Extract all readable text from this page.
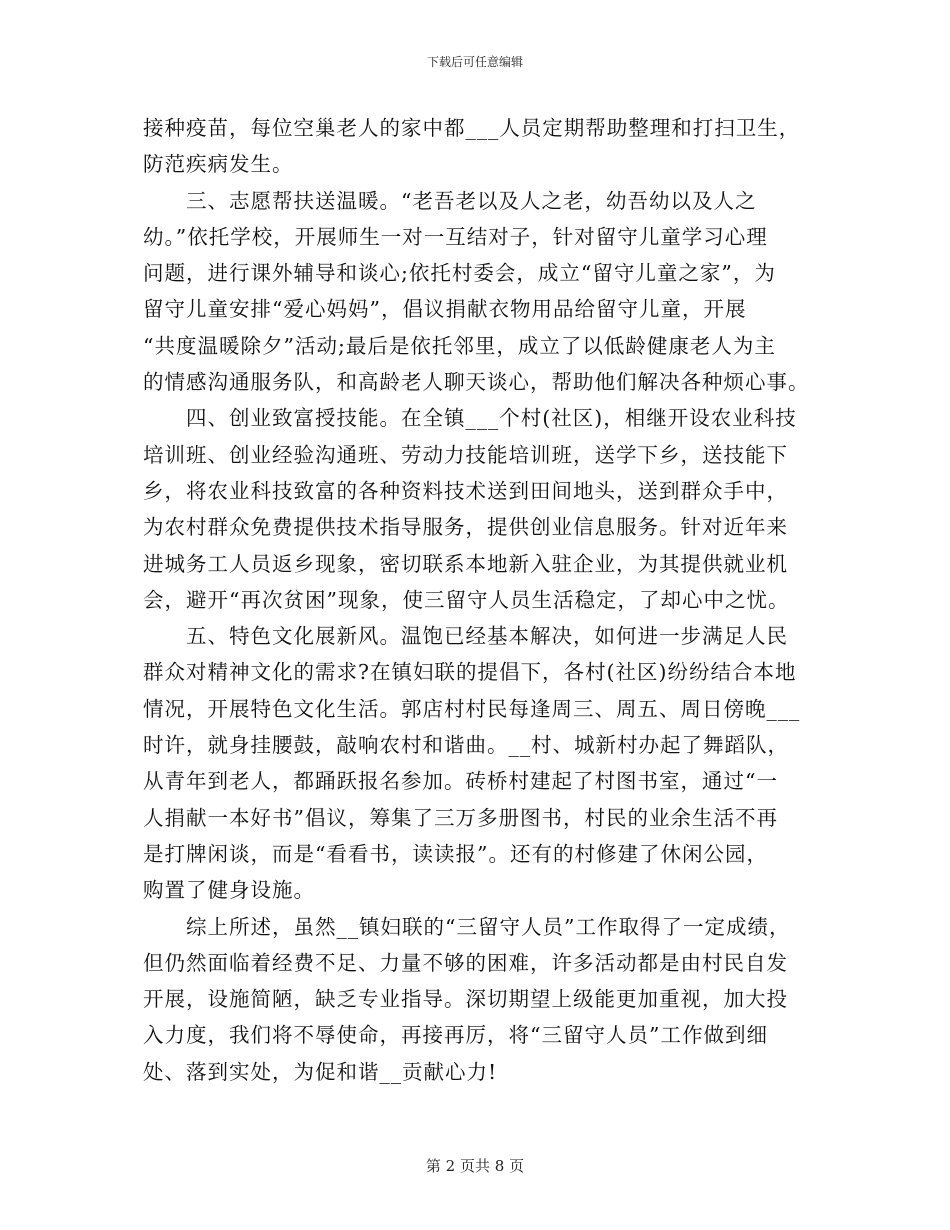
下载后可任意编辑
接种疫苗，每位空巢老人的家中都___人员定期帮助整理和打扫卫生，
防范疾病发生。
　　三、志愿帮扶送温暖。“老吾老以及人之老，幼吾幼以及人之
幼。”依托学校，开展师生一对一互结对子，针对留守儿童学习心理
问题，进行课外辅导和谈心;依托村委会，成立“留守儿童之家”，为
留守儿童安排“爱心妈妈”，倡议捐献衣物用品给留守儿童，开展
“共度温暖除夕”活动;最后是依托邻里，成立了以低龄健康老人为主
的情感沟通服务队，和高龄老人聊天谈心，帮助他们解决各种烦心事。
　　四、创业致富授技能。在全镇___个村(社区)，相继开设农业科技
培训班、创业经验沟通班、劳动力技能培训班，送学下乡，送技能下
乡，将农业科技致富的各种资料技术送到田间地头，送到群众手中，
为农村群众免费提供技术指导服务，提供创业信息服务。针对近年来
进城务工人员返乡现象，密切联系本地新入驻企业，为其提供就业机
会，避开“再次贫困”现象，使三留守人员生活稳定，了却心中之忧。
　　五、特色文化展新风。温饱已经基本解决，如何进一步满足人民
群众对精神文化的需求?在镇妇联的提倡下，各村(社区)纷纷结合本地
情况，开展特色文化生活。郭店村村民每逢周三、周五、周日傍晚___
时许，就身挂腰鼓，敲响农村和谐曲。__村、城新村办起了舞蹈队，
从青年到老人，都踊跃报名参加。砖桥村建起了村图书室，通过“一
人捐献一本好书”倡议，筹集了三万多册图书，村民的业余生活不再
是打牌闲谈，而是“看看书，读读报”。还有的村修建了休闲公园，
购置了健身设施。
　　综上所述，虽然__镇妇联的“三留守人员”工作取得了一定成绩，
但仍然面临着经费不足、力量不够的困难，许多活动都是由村民自发
开展，设施简陋，缺乏专业指导。深切期望上级能更加重视，加大投
入力度，我们将不辱使命，再接再厉，将“三留守人员”工作做到细
处、落到实处，为促和谐__贡献心力!
第 2 页共 8 页
